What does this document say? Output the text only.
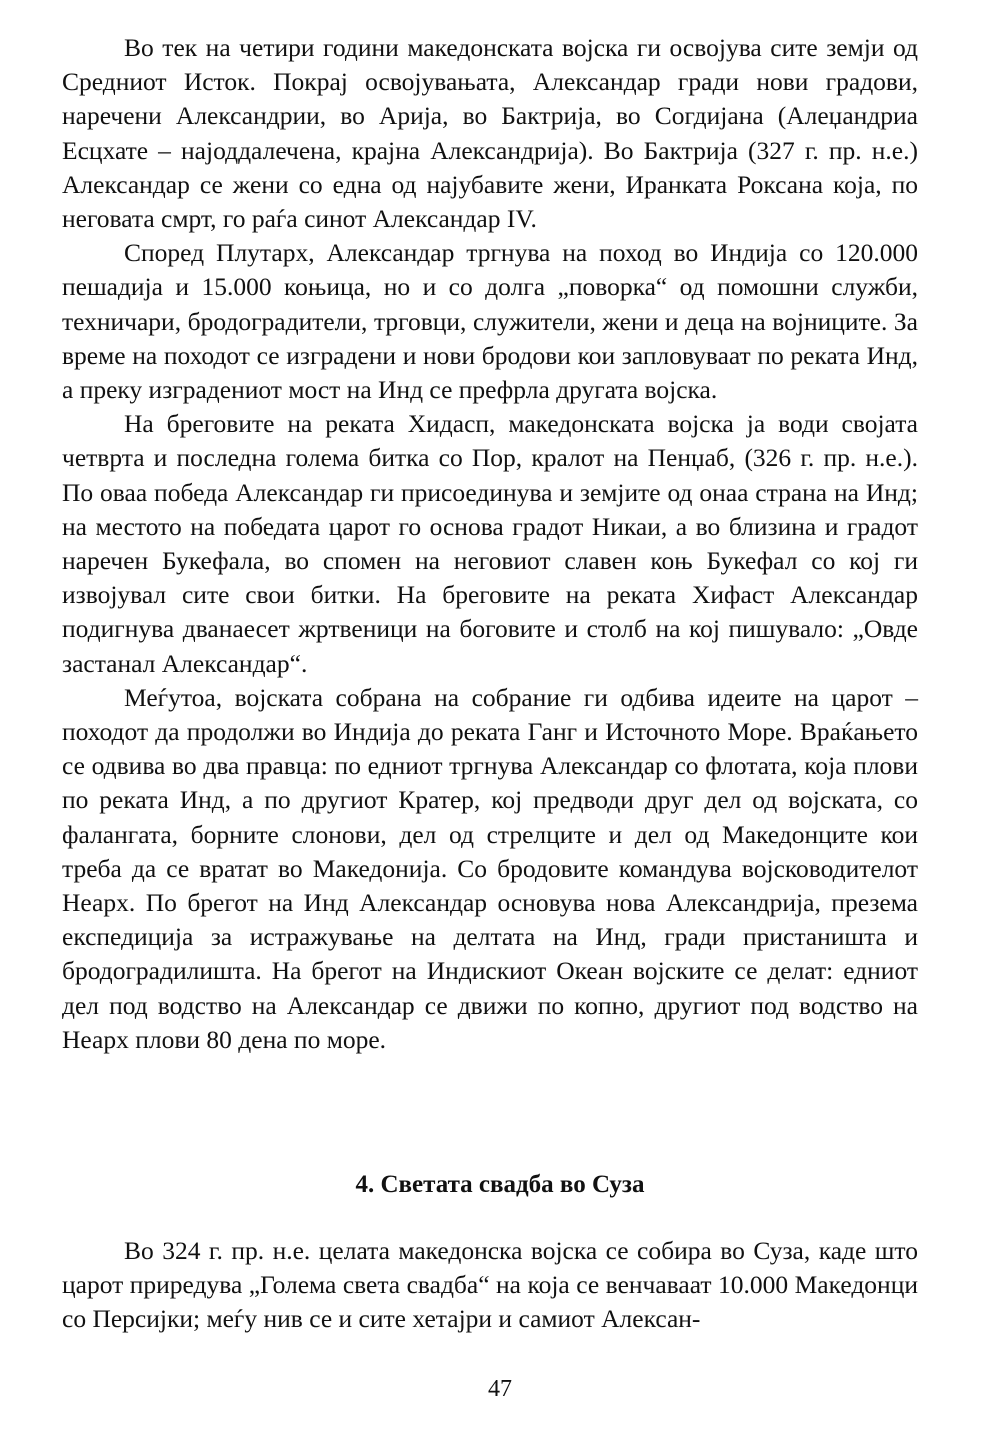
Во тек на четири години македонската војска ги освојува сите земји од Средниот Исток. Покрај освојувањата, Александар гради нови градови, наречени Александрии, во Арија, во Бактрија, во Согдијана (Алеџандриа Есцхате – најоддалечена, крајна Александрија). Во Бактрија (327 г. пр. н.е.) Александар се жени со една од најубавите жени, Иранката Роксана која, по неговата смрт, го раѓа синот Александар IV.

Според Плутарх, Александар тргнува на поход во Индија со 120.000 пешадија и 15.000 коњица, но и со долга „поворка“ од помошни служби, техничари, бродоградители, трговци, служители, жени и деца на војниците. За време на походот се изградени и нови бродови кои запловуваат по реката Инд, а преку изградениот мост на Инд се префрла другата војска.

На бреговите на реката Хидасп, македонската војска ја води својата четврта и последна голема битка со Пор, кралот на Пенџаб, (326 г. пр. н.е.). По оваа победа Александар ги присоединува и земјите од онаа страна на Инд; на местото на победата царот го основа градот Никаи, а во близина и градот наречен Букефала, во спомен на неговиот славен коњ Букефал со кој ги извојувал сите свои битки. На бреговите на реката Хифаст Александар подигнува дванаесет жртвеници на боговите и столб на кој пишувало: „Овде застанал Александар“.

Меѓутоа, војската собрана на собрание ги одбива идеите на царот – походот да продолжи во Индија до реката Ганг и Источното Море. Враќањето се одвива во два правца: по едниот тргнува Александар со флотата, која плови по реката Инд, а по другиот Кратер, кој предводи друг дел од војската, со фалангата, борните слонови, дел од стрелците и дел од Македонците кои треба да се вратат во Македонија. Со бродовите командува војсководителот Неарх. По брегот на Инд Александар основува нова Александрија, презема експедиција за истражување на делтата на Инд, гради пристаништа и бродоградилишта. На брегот на Индискиот Океан војските се делат: едниот дел под водство на Александар се движи по копно, другиот под водство на Неарх плови 80 дена по море.

4. Светата свадба во Суза

Во 324 г. пр. н.е. целата македонска војска се собира во Суза, каде што царот приредува „Голема света свадба“ на која се венчаваат 10.000 Македонци со Персијки; меѓу нив се и сите хетајри и самиот Алексан-

47
